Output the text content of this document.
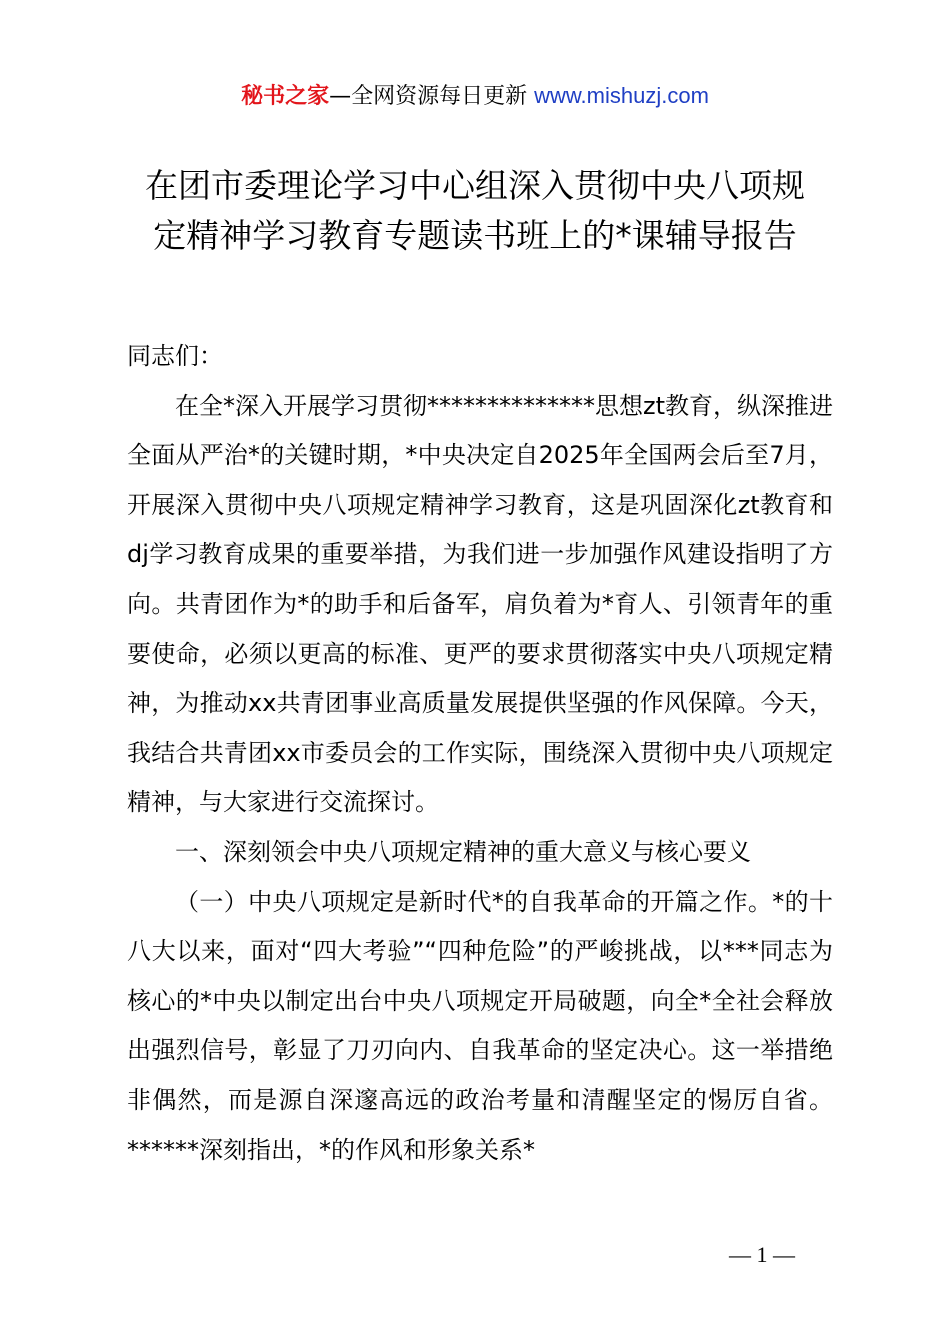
秘书之家—全网资源每日更新 www.mishuzj.com
在团市委理论学习中心组深入贯彻中央八项规
定精神学习教育专题读书班上的*课辅导报告

同志们：

在全*深入开展学习贯彻**************思想zt教育，纵深推进全面从严治*的关键时期，*中央决定自2025年全国两会后至7月，开展深入贯彻中央八项规定精神学习教育，这是巩固深化zt教育和dj学习教育成果的重要举措，为我们进一步加强作风建设指明了方向。共青团作为*的助手和后备军，肩负着为*育人、引领青年的重要使命，必须以更高的标准、更严的要求贯彻落实中央八项规定精神，为推动xx共青团事业高质量发展提供坚强的作风保障。今天，我结合共青团xx市委员会的工作实际，围绕深入贯彻中央八项规定精神，与大家进行交流探讨。

一、深刻领会中央八项规定精神的重大意义与核心要义

（一）中央八项规定是新时代*的自我革命的开篇之作。*的十八大以来，面对“四大考验”“四种危险”的严峻挑战，以***同志为核心的*中央以制定出台中央八项规定开局破题，向全*全社会释放出强烈信号，彰显了刀刃向内、自我革命的坚定决心。这一举措绝非偶然，而是源自深邃高远的政治考量和清醒坚定的惕厉自省。******深刻指出，*的作风和形象关系*

— 1 —
